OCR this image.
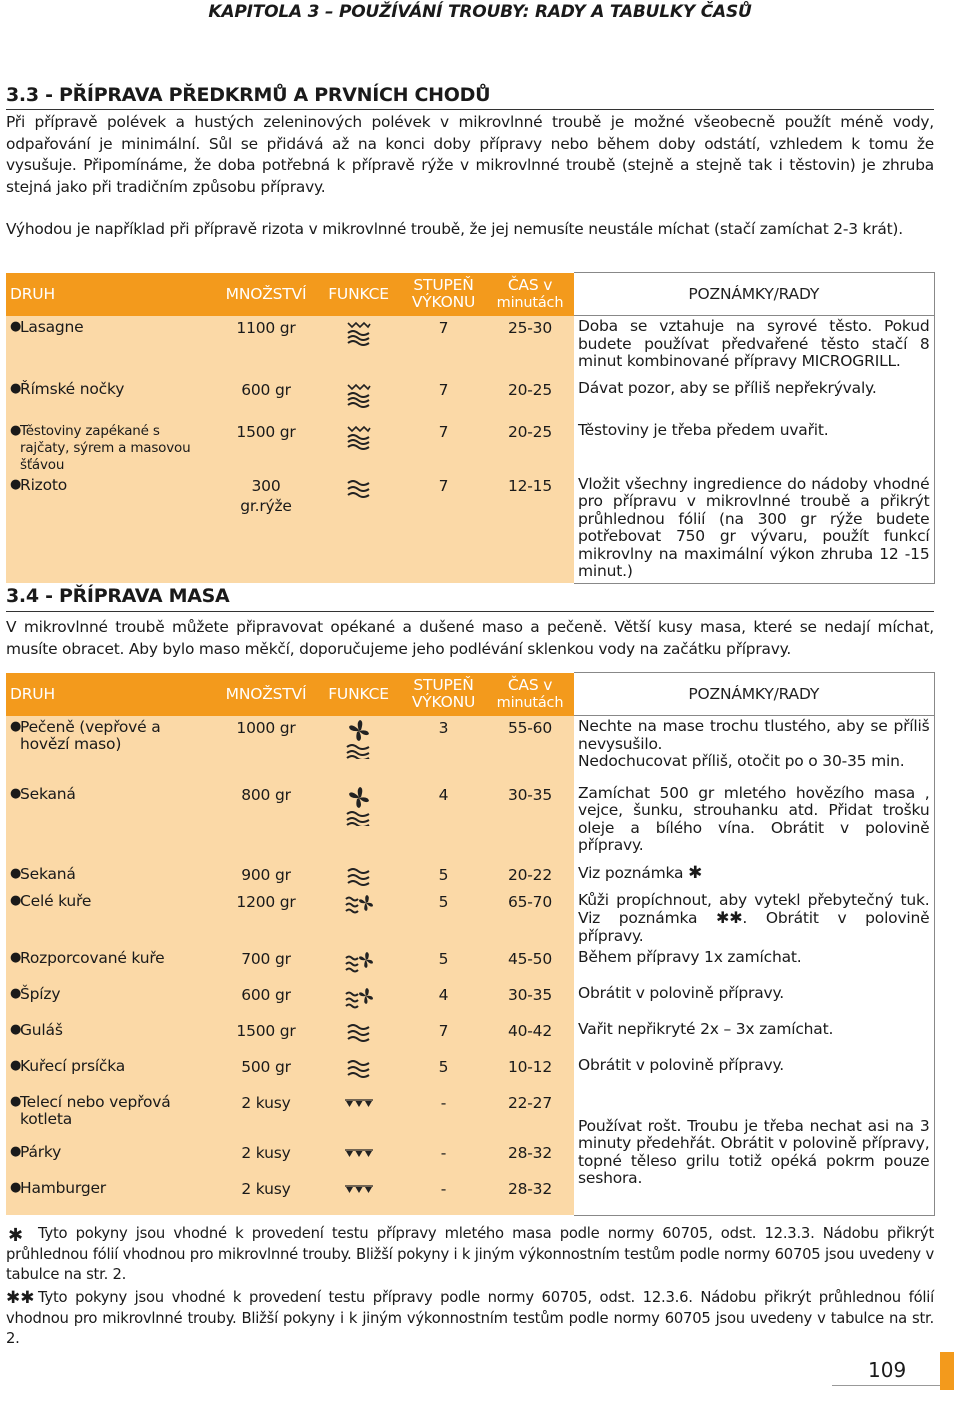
KAPITOLA 3 – POUŽÍVÁNÍ TROUBY: RADY A TABULKY ČASŮ
3.3 - PŘÍPRAVA PŘEDKRMŮ A PRVNÍCH CHODŮ
Při přípravě polévek a hustých zeleninových polévek v mikrovlnné troubě je možné všeobecně použít méně vody, odpařování je minimální. Sůl se přidává až na konci doby přípravy nebo během doby odstátí, vzhledem k tomu že vysušuje. Připomínáme, že doba potřebná k přípravě rýže v mikrovlnné troubě (stejně a stejně tak i těstovin) je zhruba stejná jako při tradičním způsobu přípravy.
Výhodou je například při přípravě rizota v mikrovlnné troubě, že jej nemusíte neustále míchat (stačí zamíchat 2-3 krát).
DRUH	MNOŽSTVÍ	FUNKCE	STUPEŇ
VÝKONU	ČAS v
minutách	POZNÁMKY/RADY
●Lasagne	1100 gr		7	25-30	Doba se vztahuje na syrové těsto. Pokud budete používat předvařené těsto stačí 8 minut kombinované přípravy MICROGRILL.
●Římské nočky	600 gr		7	20-25	Dávat pozor, aby se příliš nepřekrývaly.
●Těstoviny zapékané s rajčaty, sýrem a masovou šťávou	1500 gr		7	20-25	Těstoviny je třeba předem uvařit.
●Rizoto	300 gr.rýže		7	12-15	Vložit všechny ingredience do nádoby vhodné pro přípravu v mikrovlnné troubě a přikrýt průhlednou fólií (na 300 gr rýže budete potřebovat 750 gr vývaru, použít funkcí mikrovlny na maximální výkon zhruba 12 -15 minut.)
3.4 - PŘÍPRAVA MASA
V mikrovlnné troubě můžete připravovat opékané a dušené maso a pečeně. Větší kusy masa, které se nedají míchat, musíte obracet. Aby bylo maso měkčí, doporučujeme jeho podlévání sklenkou vody na začátku přípravy.
DRUH	MNOŽSTVÍ	FUNKCE	STUPEŇ
VÝKONU	ČAS v
minutách	POZNÁMKY/RADY
●Pečeně (vepřové a hovězí maso)	1000 gr		3	55-60	Nechte na mase trochu tlustého, aby se příliš nevysušilo.
Nedochucovat příliš, otočit po o 30-35 min.

●Sekaná	800 gr		4	30-35	Zamíchat 500 gr mletého hovězího masa , vejce, šunku, strouhanku atd. Přidat trošku oleje a bílého vína. Obrátit v polovině přípravy.
●Sekaná	900 gr		5	20-22	Viz poznámka ✱
●Celé kuře	1200 gr		5	65-70	Kůži propíchnout, aby vytekl přebytečný tuk. Viz poznámka ✱✱. Obrátit v polovině přípravy.
●Rozporcované kuře	700 gr		5	45-50	Během přípravy 1x zamíchat.
●Špízy	600 gr		4	30-35	Obrátit v polovině přípravy.
●Guláš	1500 gr		7	40-42	Vařit nepřikryté 2x – 3x zamíchat.
●Kuřecí prsíčka	500 gr		5	10-12	Obrátit v polovině přípravy.
●Telecí nebo vepřová kotleta	2 kusy		-	22-27	Používat rošt. Troubu je třeba nechat asi na 3 minuty předehřát. Obrátit v polovině přípravy, topné těleso grilu totiž opéká pokrm pouze seshora.
●Párky	2 kusy		-	28-32	
●Hamburger	2 kusy		-	28-32	
✱	Tyto pokyny jsou vhodné k provedení testu přípravy mletého masa podle normy 60705, odst. 12.3.3. Nádobu přikrýt průhlednou fólií vhodnou pro mikrovlnné trouby. Bližší pokyny i k jiným výkonnostním testům podle normy 60705 jsou uvedeny v tabulce na str. 2.
✱✱ Tyto pokyny jsou vhodné k provedení testu přípravy podle normy 60705, odst. 12.3.6. Nádobu přikrýt průhlednou fólií vhodnou pro mikrovlnné trouby. Bližší pokyny i k jiným výkonnostním testům podle normy 60705 jsou uvedeny v tabulce na str. 2.
109
